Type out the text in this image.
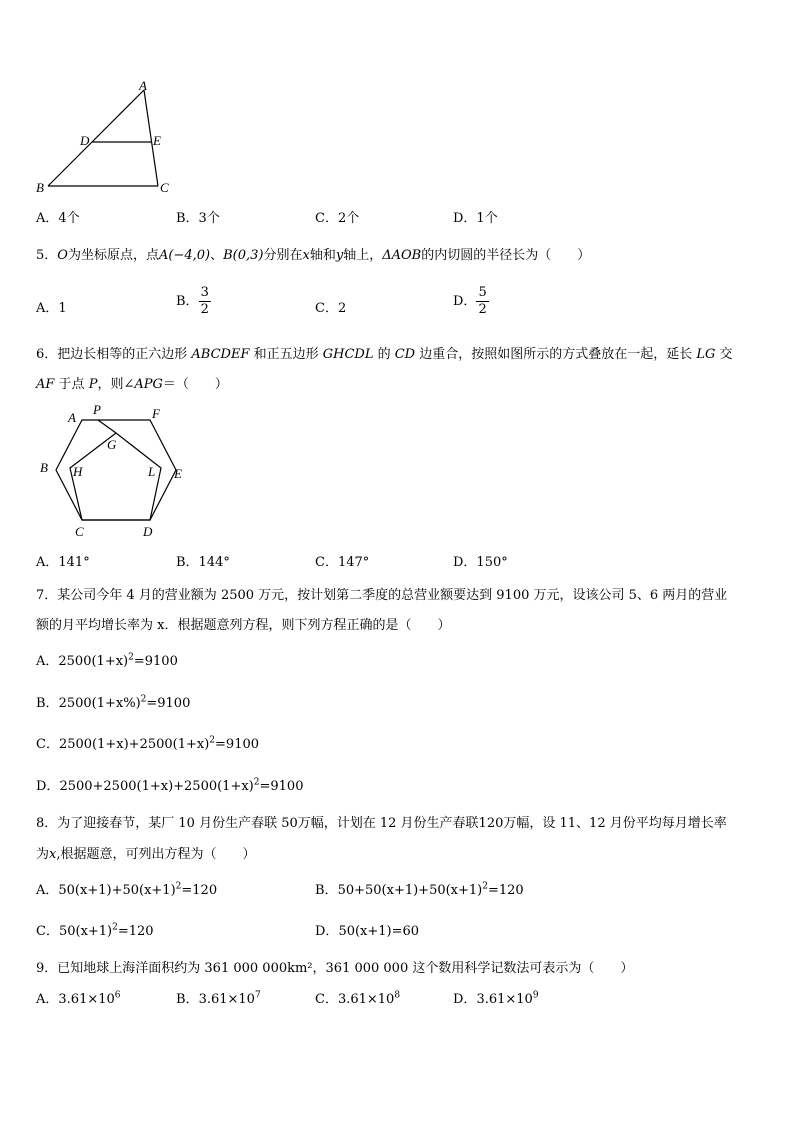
A
D	E
B	C
A．4个	B．3个	C．2个	D．1个
5．O为坐标原点，点A(−4,0)、B(0,3)分别在x轴和y轴上，ΔAOB的内切圆的半径长为（　　）
A．1	B． $\frac{3}{2}$	C．2	D． $\frac{5}{2}$
6．把边长相等的正六边形 ABCDEF 和正五边形 GHCDL 的 CD 边重合，按照如图所示的方式叠放在一起，延长 LG 交
AF 于点 P，则∠APG＝（　　）
A
P	F
G
B H	L E
C	D
A．141°	B．144°	C．147°	D．150°
7．某公司今年 4 月的营业额为 2500 万元，按计划第二季度的总营业额要达到 9100 万元，设该公司 5、6 两月的营业
额的月平均增长率为 x．根据题意列方程，则下列方程正确的是（　　）
A．$2500(1+x)^2=9100$
B．$2500(1+x\%)^2=9100$
C．$2500(1+x)+2500(1+x)^2=9100$
D．$2500+2500(1+x)+2500(1+x)^2=9100$
8．为了迎接春节，某厂 10 月份生产春联 50万幅，计划在 12 月份生产春联120万幅，设 11、12 月份平均每月增长率
为x,根据题意，可列出方程为（　　）
A．$50(x+1)+50(x+1)^2=120$	B．$50+50(x+1)+50(x+1)^2=120$
C．$50(x+1)^2=120$	D．50(x+1)=60
9．已知地球上海洋面积约为 361 000 000km²，361 000 000 这个数用科学记数法可表示为（　　）
A．$3.61\times 10^6$	B．$3.61\times 10^7$	C．$3.61\times 10^8$	D．$3.61\times 10^9$
